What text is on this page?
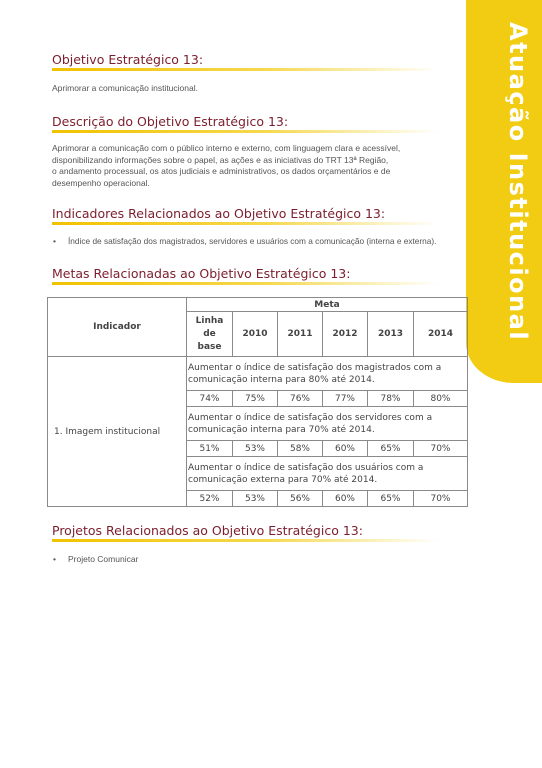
Atuação Institucional
Objetivo Estratégico 13:
Aprimorar a comunicação institucional.
Descrição do Objetivo Estratégico 13:
Aprimorar a comunicação com o público interno e externo, com linguagem clara e acessível,
disponibilizando informações sobre o papel, as ações e as iniciativas do TRT 13ª Região,
o andamento processual, os atos judiciais e administrativos, os dados orçamentários e de
desempenho operacional.
Indicadores Relacionados ao Objetivo Estratégico 13:
• Índice de satisfação dos magistrados, servidores e usuários com a comunicação (interna e externa).
Metas Relacionadas ao Objetivo Estratégico 13:
Indicador	Meta					

	Linha
de
base	2010	2011	2012	2013	2014
1. Imagem institucional	Aumentar o índice de satisfação dos magistrados com a
comunicação interna para 80% até 2014.					

	74%	75%	76%	77%	78%	80%

	Aumentar o índice de satisfação dos servidores com a
comunicação interna para 70% até 2014.					

	51%	53%	58%	60%	65%	70%

	Aumentar o índice de satisfação dos usuários com a
comunicação externa para 70% até 2014.					

	52%	53%	56%	60%	65%	70%
Projetos Relacionados ao Objetivo Estratégico 13:
• Projeto Comunicar
